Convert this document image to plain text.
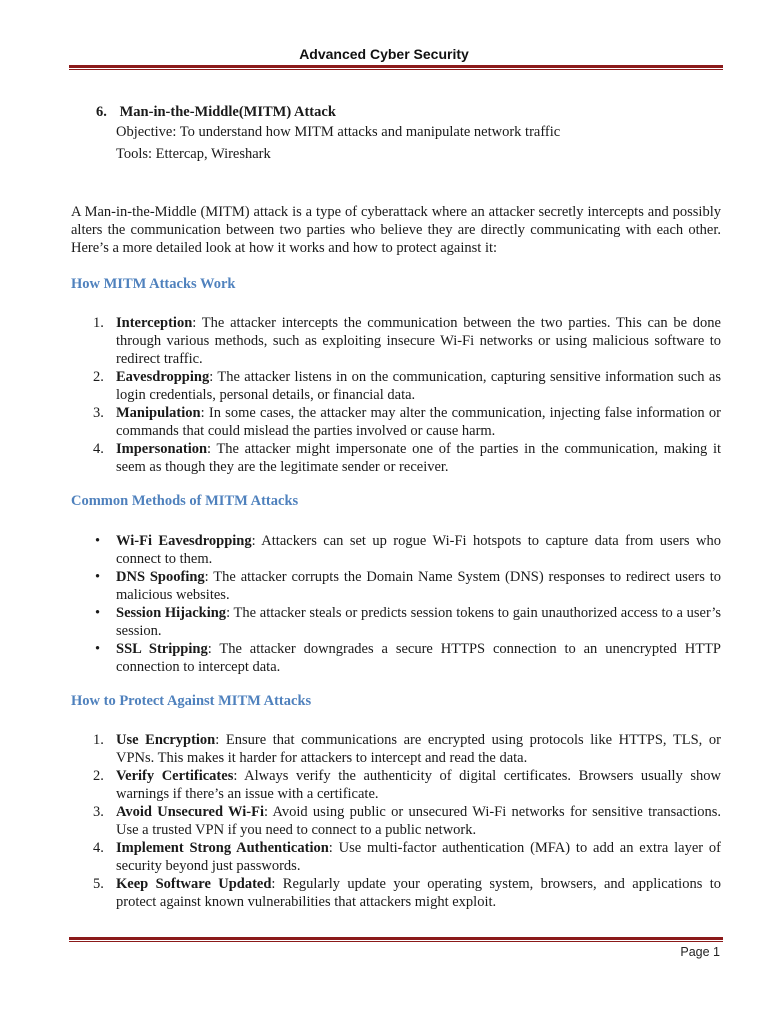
Advanced Cyber Security
6. Man-in-the-Middle(MITM) Attack
Objective: To understand how MITM attacks and manipulate network traffic
Tools: Ettercap, Wireshark
A Man-in-the-Middle (MITM) attack is a type of cyberattack where an attacker secretly intercepts and possibly alters the communication between two parties who believe they are directly communicating with each other. Here’s a more detailed look at how it works and how to protect against it:
How MITM Attacks Work
1. Interception: The attacker intercepts the communication between the two parties. This can be done through various methods, such as exploiting insecure Wi-Fi networks or using malicious software to redirect traffic.
2. Eavesdropping: The attacker listens in on the communication, capturing sensitive information such as login credentials, personal details, or financial data.
3. Manipulation: In some cases, the attacker may alter the communication, injecting false information or commands that could mislead the parties involved or cause harm.
4. Impersonation: The attacker might impersonate one of the parties in the communication, making it seem as though they are the legitimate sender or receiver.
Common Methods of MITM Attacks
• Wi-Fi Eavesdropping: Attackers can set up rogue Wi-Fi hotspots to capture data from users who connect to them.
• DNS Spoofing: The attacker corrupts the Domain Name System (DNS) responses to redirect users to malicious websites.
• Session Hijacking: The attacker steals or predicts session tokens to gain unauthorized access to a user’s session.
• SSL Stripping: The attacker downgrades a secure HTTPS connection to an unencrypted HTTP connection to intercept data.
How to Protect Against MITM Attacks
1. Use Encryption: Ensure that communications are encrypted using protocols like HTTPS, TLS, or VPNs. This makes it harder for attackers to intercept and read the data.
2. Verify Certificates: Always verify the authenticity of digital certificates. Browsers usually show warnings if there’s an issue with a certificate.
3. Avoid Unsecured Wi-Fi: Avoid using public or unsecured Wi-Fi networks for sensitive transactions. Use a trusted VPN if you need to connect to a public network.
4. Implement Strong Authentication: Use multi-factor authentication (MFA) to add an extra layer of security beyond just passwords.
5. Keep Software Updated: Regularly update your operating system, browsers, and applications to protect against known vulnerabilities that attackers might exploit.
Page 1
